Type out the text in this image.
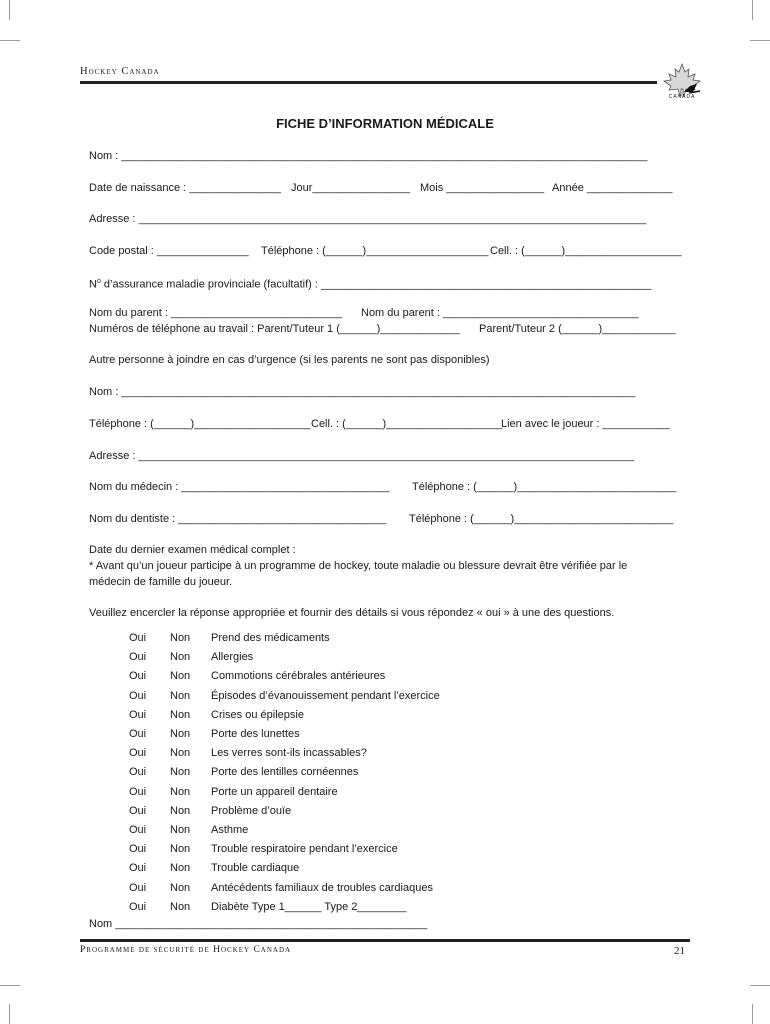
Hockey Canada
CANADA
FICHE D’INFORMATION MÉDICALE
Nom : ______________________________________________________________________________________
Date de naissance : _______________ Jour________________ Mois ________________ Année ______________
Adresse : ___________________________________________________________________________________
Code postal : _______________ Téléphone : (______)____________________ Cell. : (______)___________________
$N^o$ d’assurance maladie provinciale (facultatif) : ______________________________________________________
Nom du parent : ____________________________ Nom du parent : ________________________________
Numéros de téléphone au travail : Parent/Tuteur 1 (______)_____________ Parent/Tuteur 2 (______)____________
Autre personne à joindre en cas d’urgence (si les parents ne sont pas disponibles)
Nom : ____________________________________________________________________________________
Téléphone : (______)___________________ Cell. : (______)___________________
Lien avec le joueur : ___________
Adresse : _________________________________________________________________________________
Nom du médecin : __________________________________ Téléphone : (______)__________________________
Nom du dentiste : __________________________________ Téléphone : (______)__________________________
Date du dernier examen médical complet :
* Avant qu’un joueur participe à un programme de hockey, toute maladie ou blessure devrait être vérifiée par le
médecin de famille du joueur.
Veuillez encercler la réponse appropriée et fournir des détails si vous répondez « oui » à une des questions.
Oui Non Prend des médicaments
Oui Non Allergies
Oui Non Commotions cérébrales antérieures
Oui Non Épisodes d’évanouissement pendant l’exercice
Oui Non Crises ou épilepsie
Oui Non Porte des lunettes
Oui Non Les verres sont-ils incassables?
Oui Non Porte des lentilles cornéennes
Oui Non Porte un appareil dentaire
Oui Non Problème d’ouïe
Oui Non Asthme
Oui Non Trouble respiratoire pendant l’exercice
Oui Non Trouble cardiaque
Oui Non Antécédents familiaux de troubles cardiaques
Oui Non Diabète Type 1______ Type 2________
Nom ___________________________________________________
Programme de sécurité de Hockey Canada	21
